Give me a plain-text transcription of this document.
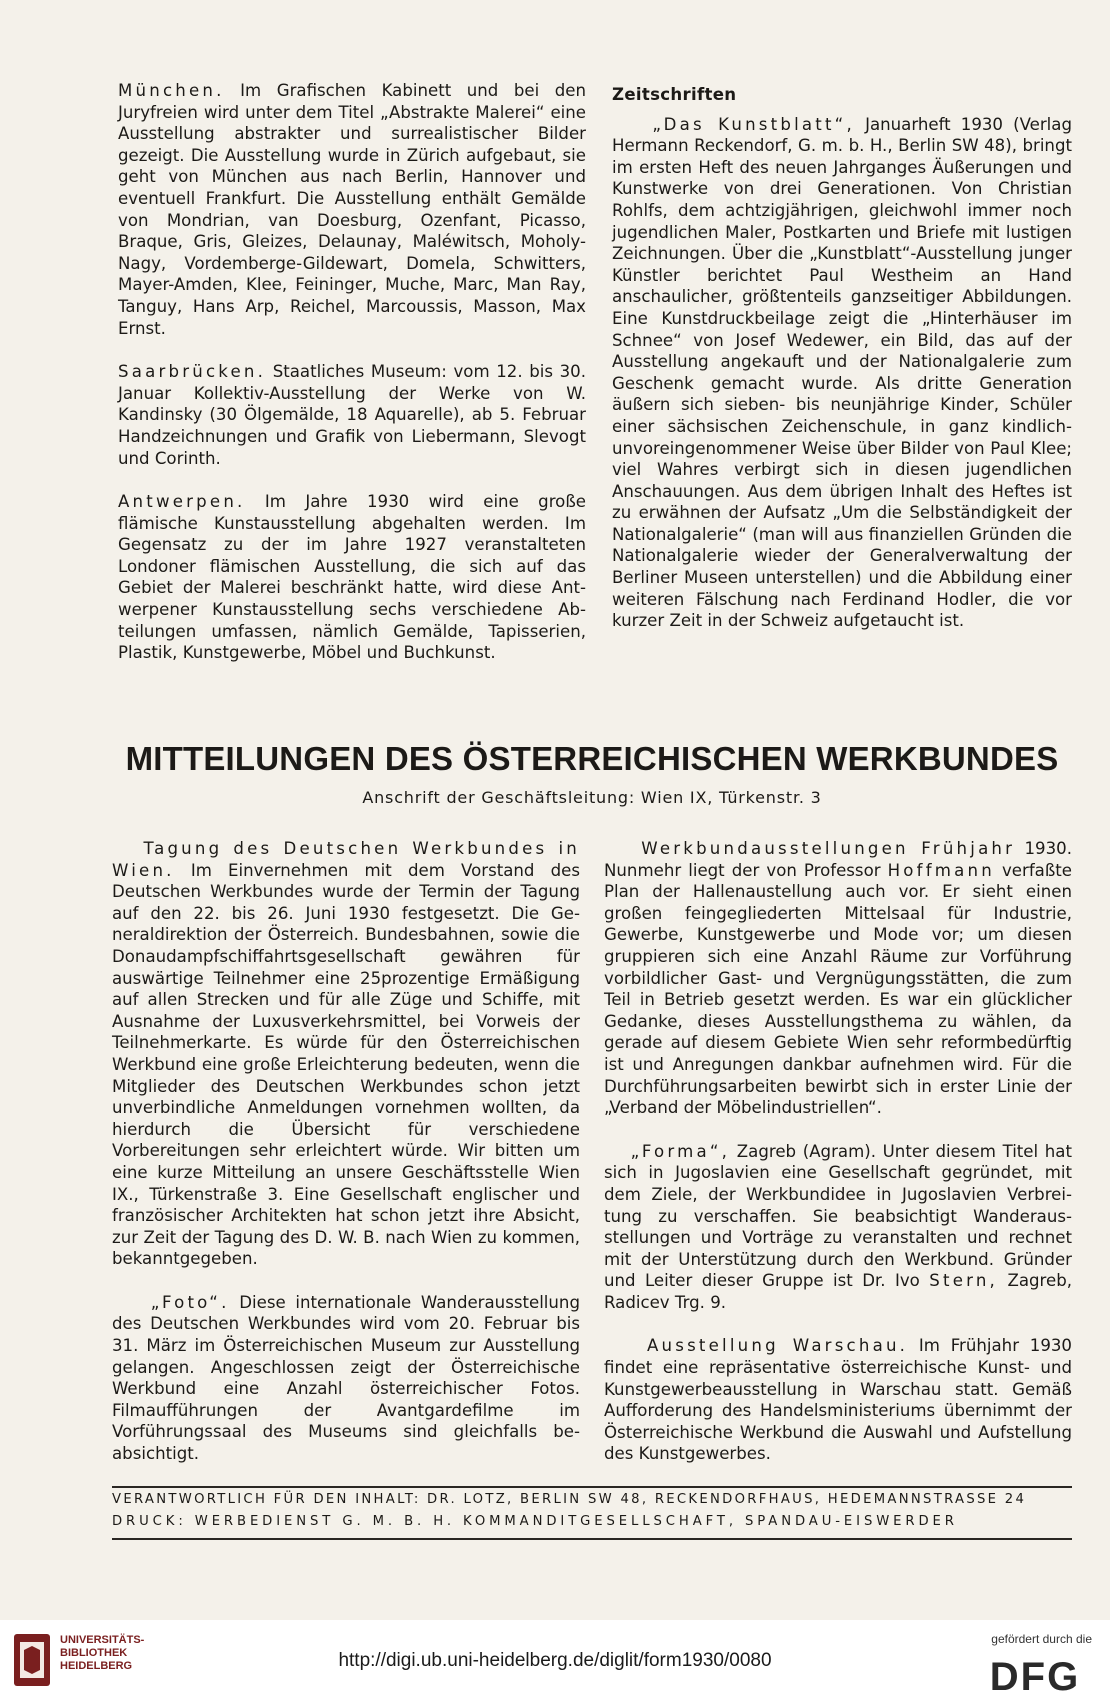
München. Im Grafischen Kabinett und bei den Juryfreien wird unter dem Titel „Abstrakte Malerei“ eine Ausstellung abstrakter und surrealistischer Bilder gezeigt. Die Ausstellung wurde in Zürich aufgebaut, sie geht von München aus nach Berlin, Hannover und eventuell Frankfurt. Die Ausstellung enthält Gemälde von Mondrian, van Doesburg, Ozenfant, Picasso, Braque, Gris, Gleizes, Delaunay, Maléwitsch, Moholy-Nagy, Vordemberge-Gildewart, Domela, Schwitters, Mayer-Amden, Klee, Feininger, Muche, Marc, Man Ray, Tanguy, Hans Arp, Reichel, Marcoussis, Masson, Max Ernst.

Saarbrücken. Staatliches Museum: vom 12. bis 30. Januar Kollektiv-Ausstellung der Werke von W. Kandinsky (30 Ölgemälde, 18 Aquarelle), ab 5. Februar Handzeichnungen und Grafik von Liebermann, Slevogt und Corinth.

Antwerpen. Im Jahre 1930 wird eine große flämische Kunstausstellung abgehalten werden. Im Gegensatz zu der im Jahre 1927 veranstalteten Londoner flämischen Ausstellung, die sich auf das Gebiet der Malerei beschränkt hatte, wird diese Antwerpener Kunstausstellung sechs verschiedene Abteilungen umfassen, nämlich Gemälde, Tapisserien, Plastik, Kunstgewerbe, Möbel und Buchkunst.

Zeitschriften

„Das Kunstblatt“, Januarheft 1930 (Verlag Hermann Reckendorf, G. m. b. H., Berlin SW 48), bringt im ersten Heft des neuen Jahrganges Äußerungen und Kunstwerke von drei Generationen. Von Christian Rohlfs, dem achtzigjährigen, gleichwohl immer noch jugendlichen Maler, Postkarten und Briefe mit lustigen Zeichnungen. Über die „Kunstblatt“-Ausstellung junger Künstler berichtet Paul Westheim an Hand anschaulicher, größtenteils ganzseitiger Abbildungen. Eine Kunstdruckbeilage zeigt die „Hinterhäuser im Schnee“ von Josef Wedewer, ein Bild, das auf der Ausstellung angekauft und der Nationalgalerie zum Geschenk gemacht wurde. Als dritte Generation äußern sich sieben- bis neunjährige Kinder, Schüler einer sächsischen Zeichenschule, in ganz kindlich-unvoreingenommener Weise über Bilder von Paul Klee; viel Wahres verbirgt sich in diesen jugendlichen Anschauungen. Aus dem übrigen Inhalt des Heftes ist zu erwähnen der Aufsatz „Um die Selbständigkeit der Nationalgalerie“ (man will aus finanziellen Gründen die Nationalgalerie wieder der Generalverwaltung der Berliner Museen unterstellen) und die Abbildung einer weiteren Fälschung nach Ferdinand Hodler, die vor kurzer Zeit in der Schweiz aufgetaucht ist.

MITTEILUNGEN DES ÖSTERREICHISCHEN WERKBUNDES
Anschrift der Geschäftsleitung: Wien IX, Türkenstr. 3

Tagung des Deutschen Werkbundes in Wien. Im Einvernehmen mit dem Vorstand des Deutschen Werkbundes wurde der Termin der Tagung auf den 22. bis 26. Juni 1930 festgesetzt. Die Generaldirektion der Österreich. Bundesbahnen, sowie die Donaudampfschiffahrtsgesellschaft gewähren für auswärtige Teilnehmer eine 25prozentige Ermäßigung auf allen Strecken und für alle Züge und Schiffe, mit Ausnahme der Luxusverkehrsmittel, bei Vorweis der Teilnehmerkarte. Es würde für den Österreichischen Werkbund eine große Erleichterung bedeuten, wenn die Mitglieder des Deutschen Werkbundes schon jetzt unverbindliche Anmeldungen vornehmen wollten, da hierdurch die Übersicht für verschiedene Vorbereitungen sehr erleichtert würde. Wir bitten um eine kurze Mitteilung an unsere Geschäftsstelle Wien IX., Türkenstraße 3. Eine Gesellschaft englischer und französischer Architekten hat schon jetzt ihre Absicht, zur Zeit der Tagung des D. W. B. nach Wien zu kommen, bekanntgegeben.

„Foto“. Diese internationale Wanderausstellung des Deutschen Werkbundes wird vom 20. Februar bis 31. März im Österreichischen Museum zur Ausstellung gelangen. Angeschlossen zeigt der Österreichische Werkbund eine Anzahl österreichischer Fotos. Filmaufführungen der Avantgardefilme im Vorführungssaal des Museums sind gleichfalls beabsichtigt.

Werkbundausstellungen Frühjahr 1930. Nunmehr liegt der von Professor Hoffmann verfaßte Plan der Hallenaustellung auch vor. Er sieht einen großen feingegliederten Mittelsaal für Industrie, Gewerbe, Kunstgewerbe und Mode vor; um diesen gruppieren sich eine Anzahl Räume zur Vorführung vorbildlicher Gast- und Vergnügungsstätten, die zum Teil in Betrieb gesetzt werden. Es war ein glücklicher Gedanke, dieses Ausstellungsthema zu wählen, da gerade auf diesem Gebiete Wien sehr reformbedürftig ist und Anregungen dankbar aufnehmen wird. Für die Durchführungsarbeiten bewirbt sich in erster Linie der „Verband der Möbelindustriellen“.

„Forma“, Zagreb (Agram). Unter diesem Titel hat sich in Jugoslavien eine Gesellschaft gegründet, mit dem Ziele, der Werkbundidee in Jugoslavien Verbreitung zu verschaffen. Sie beabsichtigt Wanderausstellungen und Vorträge zu veranstalten und rechnet mit der Unterstützung durch den Werkbund. Gründer und Leiter dieser Gruppe ist Dr. Ivo Stern, Zagreb, Radicev Trg. 9.

Ausstellung Warschau. Im Frühjahr 1930 findet eine repräsentative österreichische Kunst- und Kunstgewerbeausstellung in Warschau statt. Gemäß Aufforderung des Handelsministeriums übernimmt der Österreichische Werkbund die Auswahl und Aufstellung des Kunstgewerbes.

VERANTWORTLICH FÜR DEN INHALT: DR. LOTZ, BERLIN SW 48, RECKENDORFHAUS, HEDEMANNSTRASSE 24
DRUCK: WERBEDIENST G. M. B. H. KOMMANDITGESELLSCHAFT, SPANDAU-EISWERDER
UNIVERSITÄTS-
BIBLIOTHEK
HEIDELBERG	http://digi.ub.uni-heidelberg.de/diglit/form1930/0080
gefördert durch die
DFG
